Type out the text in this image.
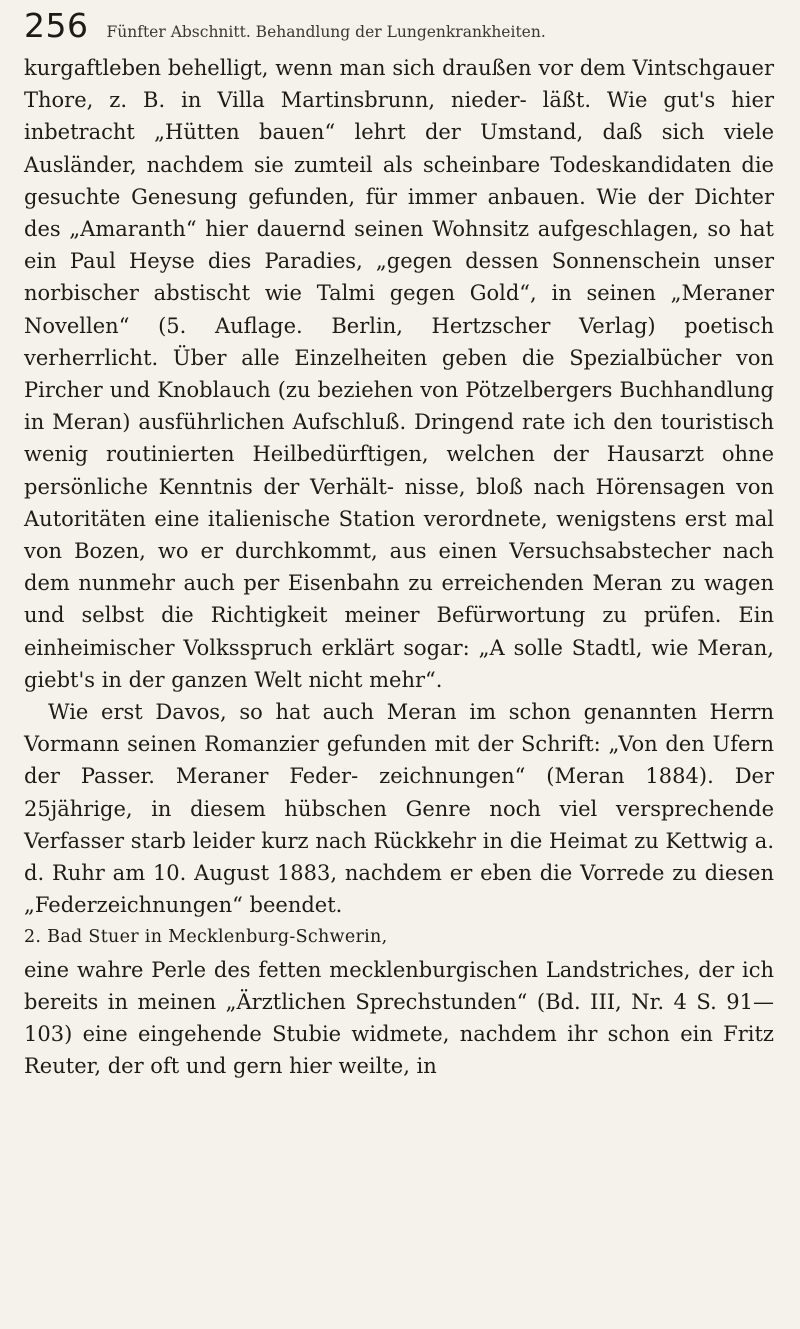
256 Fünfter Abschnitt. Behandlung der Lungenkrankheiten.

kurgaftleben behelligt, wenn man sich draußen vor dem Vintschgauer Thore, z. B. in Villa Martinsbrunn, nieder- läßt. Wie gut's hier inbetracht „Hütten bauen“ lehrt der Umstand, daß sich viele Ausländer, nachdem sie zumteil als scheinbare Todeskandidaten die gesuchte Genesung gefunden, für immer anbauen. Wie der Dichter des „Amaranth“ hier dauernd seinen Wohnsitz aufgeschlagen, so hat ein Paul Heyse dies Paradies, „gegen dessen Sonnenschein unser norbischer abstischt wie Talmi gegen Gold“, in seinen „Meraner Novellen“ (5. Auflage. Berlin, Hertzscher Verlag) poetisch verherrlicht. Über alle Einzelheiten geben die Spezialbücher von Pircher und Knoblauch (zu beziehen von Pötzelbergers Buchhandlung in Meran) ausführlichen Aufschluß. Dringend rate ich den touristisch wenig routinierten Heilbedürftigen, welchen der Hausarzt ohne persönliche Kenntnis der Verhält- nisse, bloß nach Hörensagen von Autoritäten eine italienische Station verordnete, wenigstens erst mal von Bozen, wo er durchkommt, aus einen Versuchsabstecher nach dem nunmehr auch per Eisenbahn zu erreichenden Meran zu wagen und selbst die Richtigkeit meiner Befürwortung zu prüfen. Ein einheimischer Volksspruch erklärt sogar: „A solle Stadtl, wie Meran, giebt's in der ganzen Welt nicht mehr“.

Wie erst Davos, so hat auch Meran im schon genannten Herrn Vormann seinen Romanzier gefunden mit der Schrift: „Von den Ufern der Passer. Meraner Feder- zeichnungen“ (Meran 1884). Der 25jährige, in diesem hübschen Genre noch viel versprechende Verfasser starb leider kurz nach Rückkehr in die Heimat zu Kettwig a. d. Ruhr am 10. August 1883, nachdem er eben die Vorrede zu diesen „Federzeichnungen“ beendet.

2. Bad Stuer in Mecklenburg-Schwerin,

eine wahre Perle des fetten mecklenburgischen Landstriches, der ich bereits in meinen „Ärztlichen Sprechstunden“ (Bd. III, Nr. 4 S. 91—103) eine eingehende Stubie widmete, nachdem ihr schon ein Fritz Reuter, der oft und gern hier weilte, in
